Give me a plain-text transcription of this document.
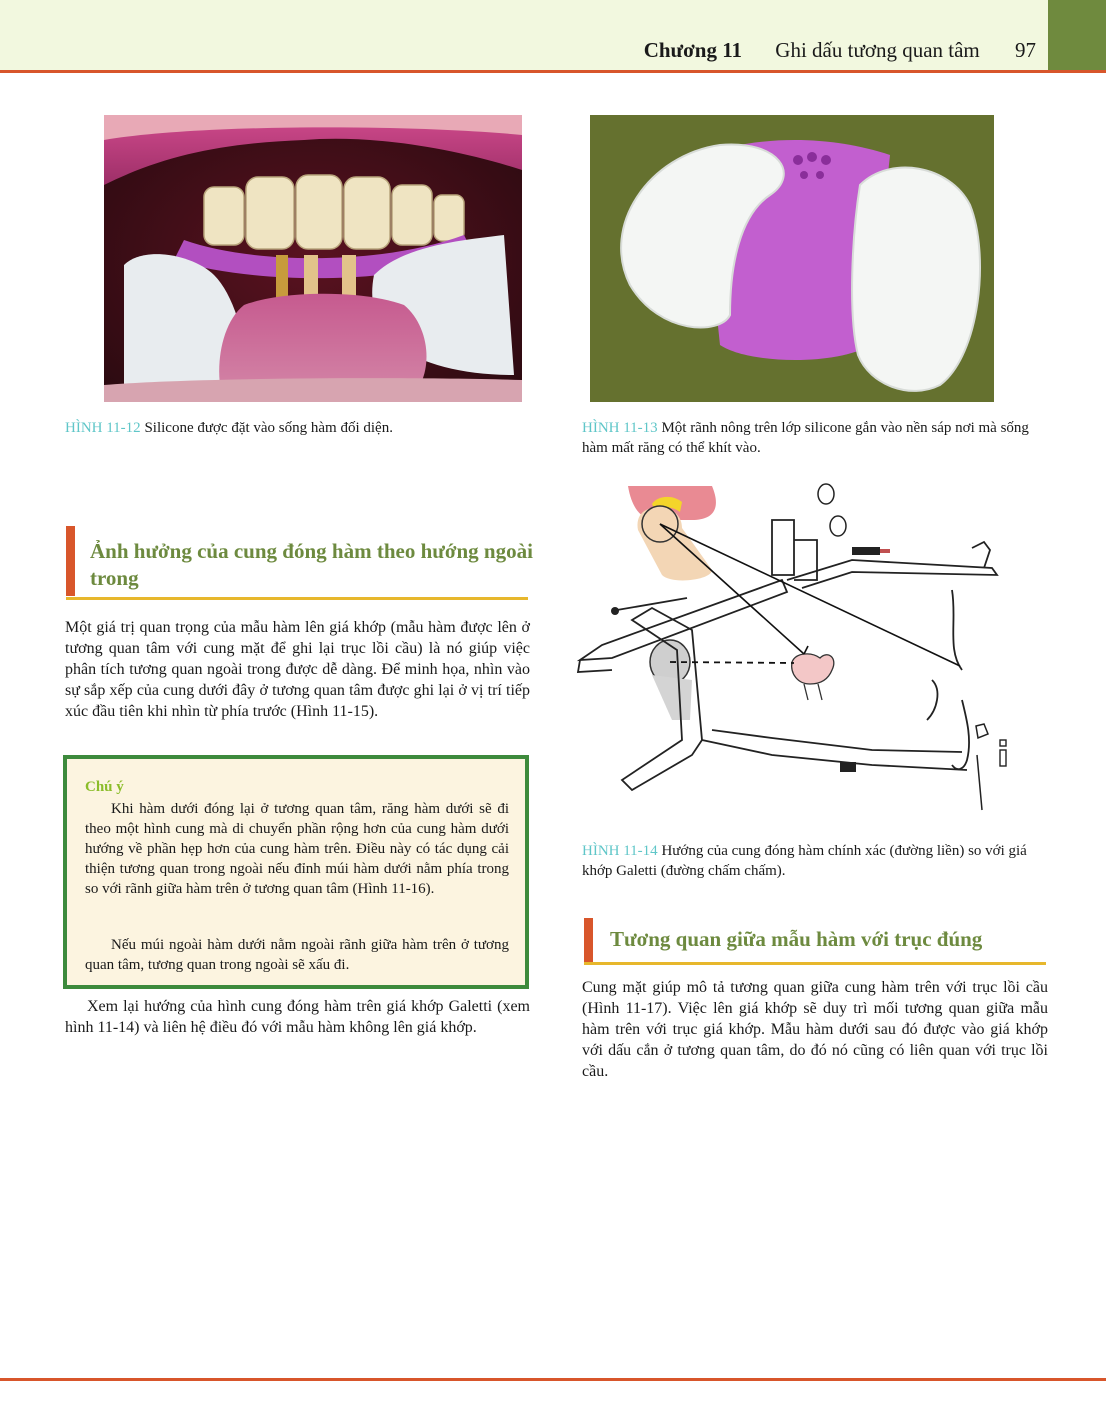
Chương 11 Ghi dấu tương quan tâm 97
HÌNH 11-12 Silicone được đặt vào sống hàm đối diện.	HÌNH 11-13 Một rãnh nông trên lớp silicone gắn vào nền sáp nơi mà sống hàm mất răng có thể khít vào.
Ảnh hưởng của cung đóng hàm theo hướng ngoài trong

Một giá trị quan trọng của mẫu hàm lên giá khớp (mẫu hàm được lên ở tương quan tâm với cung mặt để ghi lại trục lồi cầu) là nó giúp việc phân tích tương quan ngoài trong được dễ dàng. Để minh họa, nhìn vào sự sắp xếp của cung dưới đây ở tương quan tâm được ghi lại ở vị trí tiếp xúc đầu tiên khi nhìn từ phía trước (Hình 11-15).

Chú ý

Khi hàm dưới đóng lại ở tương quan tâm, răng hàm dưới sẽ đi theo một hình cung mà di chuyển phần rộng hơn của cung hàm dưới hướng về phần hẹp hơn của cung hàm trên. Điều này có tác dụng cải thiện tương quan trong ngoài nếu đỉnh múi hàm dưới nằm phía trong so với rãnh giữa hàm trên ở tương quan tâm (Hình 11-16).

Nếu múi ngoài hàm dưới nằm ngoài rãnh giữa hàm trên ở tương quan tâm, tương quan trong ngoài sẽ xấu đi.

Xem lại hướng của hình cung đóng hàm trên giá khớp Galetti (xem hình 11-14) và liên hệ điều đó với mẫu hàm không lên giá khớp.

HÌNH 11-14 Hướng của cung đóng hàm chính xác (đường liền) so với giá khớp Galetti (đường chấm chấm).
Tương quan giữa mẫu hàm với trục đúng

Cung mặt giúp mô tả tương quan giữa cung hàm trên với trục lồi cầu (Hình 11-17). Việc lên giá khớp sẽ duy trì mối tương quan giữa mẫu hàm trên với trục giá khớp. Mẫu hàm dưới sau đó được vào giá khớp với dấu cắn ở tương quan tâm, do đó nó cũng có liên quan với trục lồi cầu.
